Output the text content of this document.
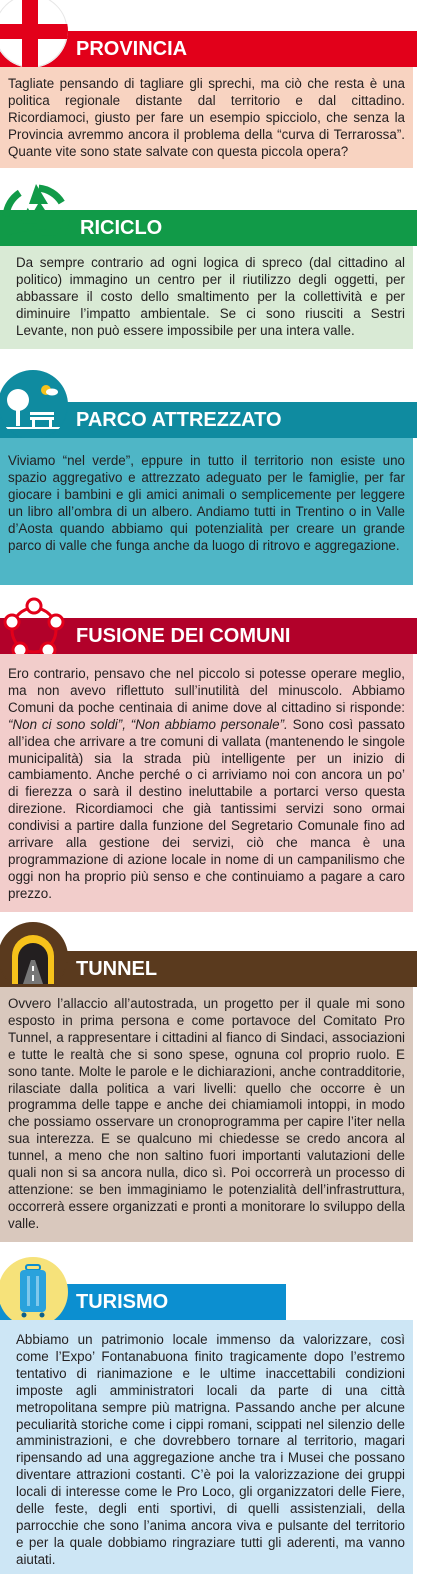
PROVINCIA

Tagliate pensando di tagliare gli sprechi, ma ciò che resta è una politica regionale distante dal territorio e dal cittadino. Ricordiamoci, giusto per fare un esempio spicciolo, che senza la Provincia avremmo ancora il problema della “curva di Terrarossa”. Quante vite sono state salvate con questa piccola opera?

RICICLO

Da sempre contrario ad ogni logica di spreco (dal cittadino al politico) immagino un centro per il riutilizzo degli oggetti, per abbassare il costo dello smaltimento per la collettività e per diminuire l’impatto ambientale. Se ci sono riusciti a Sestri Levante, non può essere impossibile per una intera valle.

PARCO ATTREZZATO

Viviamo “nel verde”, eppure in tutto il territorio non esiste uno spazio aggregativo e attrezzato adeguato per le famiglie, per far giocare i bambini e gli amici animali o semplicemente per leggere un libro all’ombra di un albero. Andiamo tutti in Trentino o in Valle d’Aosta quando abbiamo qui potenzialità per creare un grande parco di valle che funga anche da luogo di ritrovo e aggregazione.

FUSIONE DEI COMUNI

Ero contrario, pensavo che nel piccolo si potesse operare meglio, ma non avevo riflettuto sull’inutilità del minuscolo. Abbiamo Comuni da poche centinaia di anime dove al cittadino si risponde: “Non ci sono soldi”, “Non abbiamo personale”. Sono così passato all’idea che arrivare a tre comuni di vallata (mantenendo le singole municipalità) sia la strada più intelligente per un inizio di cambiamento. Anche perché o ci arriviamo noi con ancora un po’ di fierezza o sarà il destino ineluttabile a portarci verso questa direzione. Ricordiamoci che già tantissimi servizi sono ormai condivisi a partire dalla funzione del Segretario Comunale fino ad arrivare alla gestione dei servizi, ciò che manca è una programmazione di azione locale in nome di un campanilismo che oggi non ha proprio più senso e che continuiamo a pagare a caro prezzo.

TUNNEL

Ovvero l’allaccio all’autostrada, un progetto per il quale mi sono esposto in prima persona e come portavoce del Comitato Pro Tunnel, a rappresentare i cittadini al fianco di Sindaci, associazioni e tutte le realtà che si sono spese, ognuna col proprio ruolo. E sono tante. Molte le parole e le dichiarazioni, anche contradditorie, rilasciate dalla politica a vari livelli: quello che occorre è un programma delle tappe e anche dei chiamiamoli intoppi, in modo che possiamo osservare un cronoprogramma per capire l’iter nella sua interezza. E se qualcuno mi chiedesse se credo ancora al tunnel, a meno che non saltino fuori importanti valutazioni delle quali non si sa ancora nulla, dico sì. Poi occorrerà un processo di attenzione: se ben immaginiamo le potenzialità dell’infrastruttura, occorrerà essere organizzati e pronti a monitorare lo sviluppo della valle.

TURISMO

Abbiamo un patrimonio locale immenso da valorizzare, così come l’Expo’ Fontanabuona finito tragicamente dopo l’estremo tentativo di rianimazione e le ultime inaccettabili condizioni imposte agli amministratori locali da parte di una città metropolitana sempre più matrigna. Passando anche per alcune peculiarità storiche come i cippi romani, scippati nel silenzio delle amministrazioni, e che dovrebbero tornare al territorio, magari ripensando ad una aggregazione anche tra i Musei che possano diventare attrazioni costanti. C’è poi la valorizzazione dei gruppi locali di interesse come le Pro Loco, gli organizzatori delle Fiere, delle feste, degli enti sportivi, di quelli assistenziali, della parrocchie che sono l’anima ancora viva e pulsante del territorio e per la quale dobbiamo ringraziare tutti gli aderenti, ma vanno aiutati.
